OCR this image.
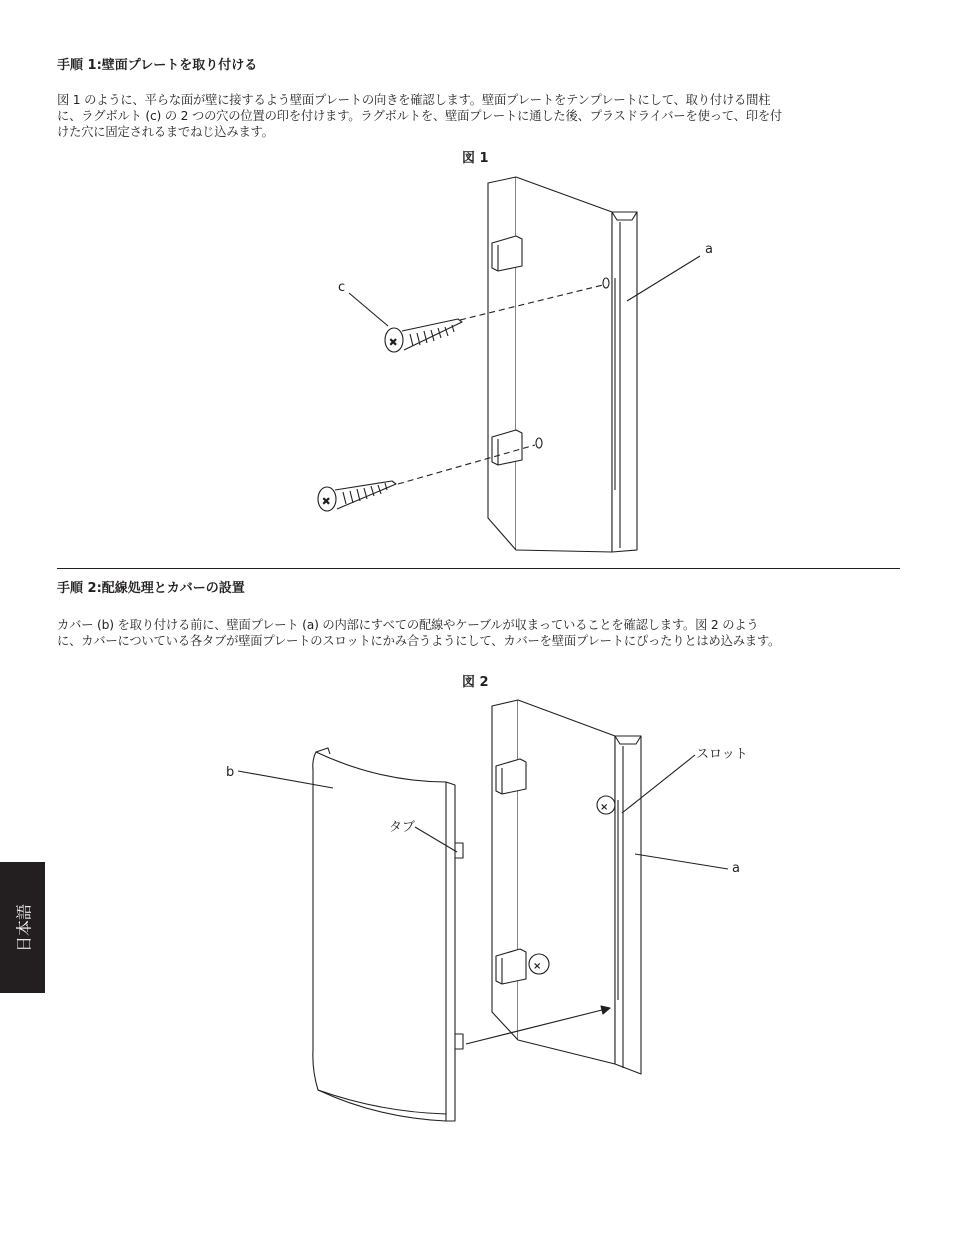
手順 1:壁面プレートを取り付ける

図 1 のように、平らな面が壁に接するよう壁面プレートの向きを確認します。壁面プレートをテンプレートにして、取り付ける間柱

に、ラグボルト (c) の 2 つの穴の位置の印を付けます。ラグボルトを、壁面プレートに通した後、プラスドライバーを使って、印を付

けた穴に固定されるまでねじ込みます。

図 1
×
×
c
a
手順 2:配線処理とカバーの設置

カバー (b) を取り付ける前に、壁面プレート (a) の内部にすべての配線やケーブルが収まっていることを確認します。図 2 のよう

に、カバーについている各タブが壁面プレートのスロットにかみ合うようにして、カバーを壁面プレートにぴったりとはめ込みます。

図 2
×
×
b
タブ
スロット
a
日本語
